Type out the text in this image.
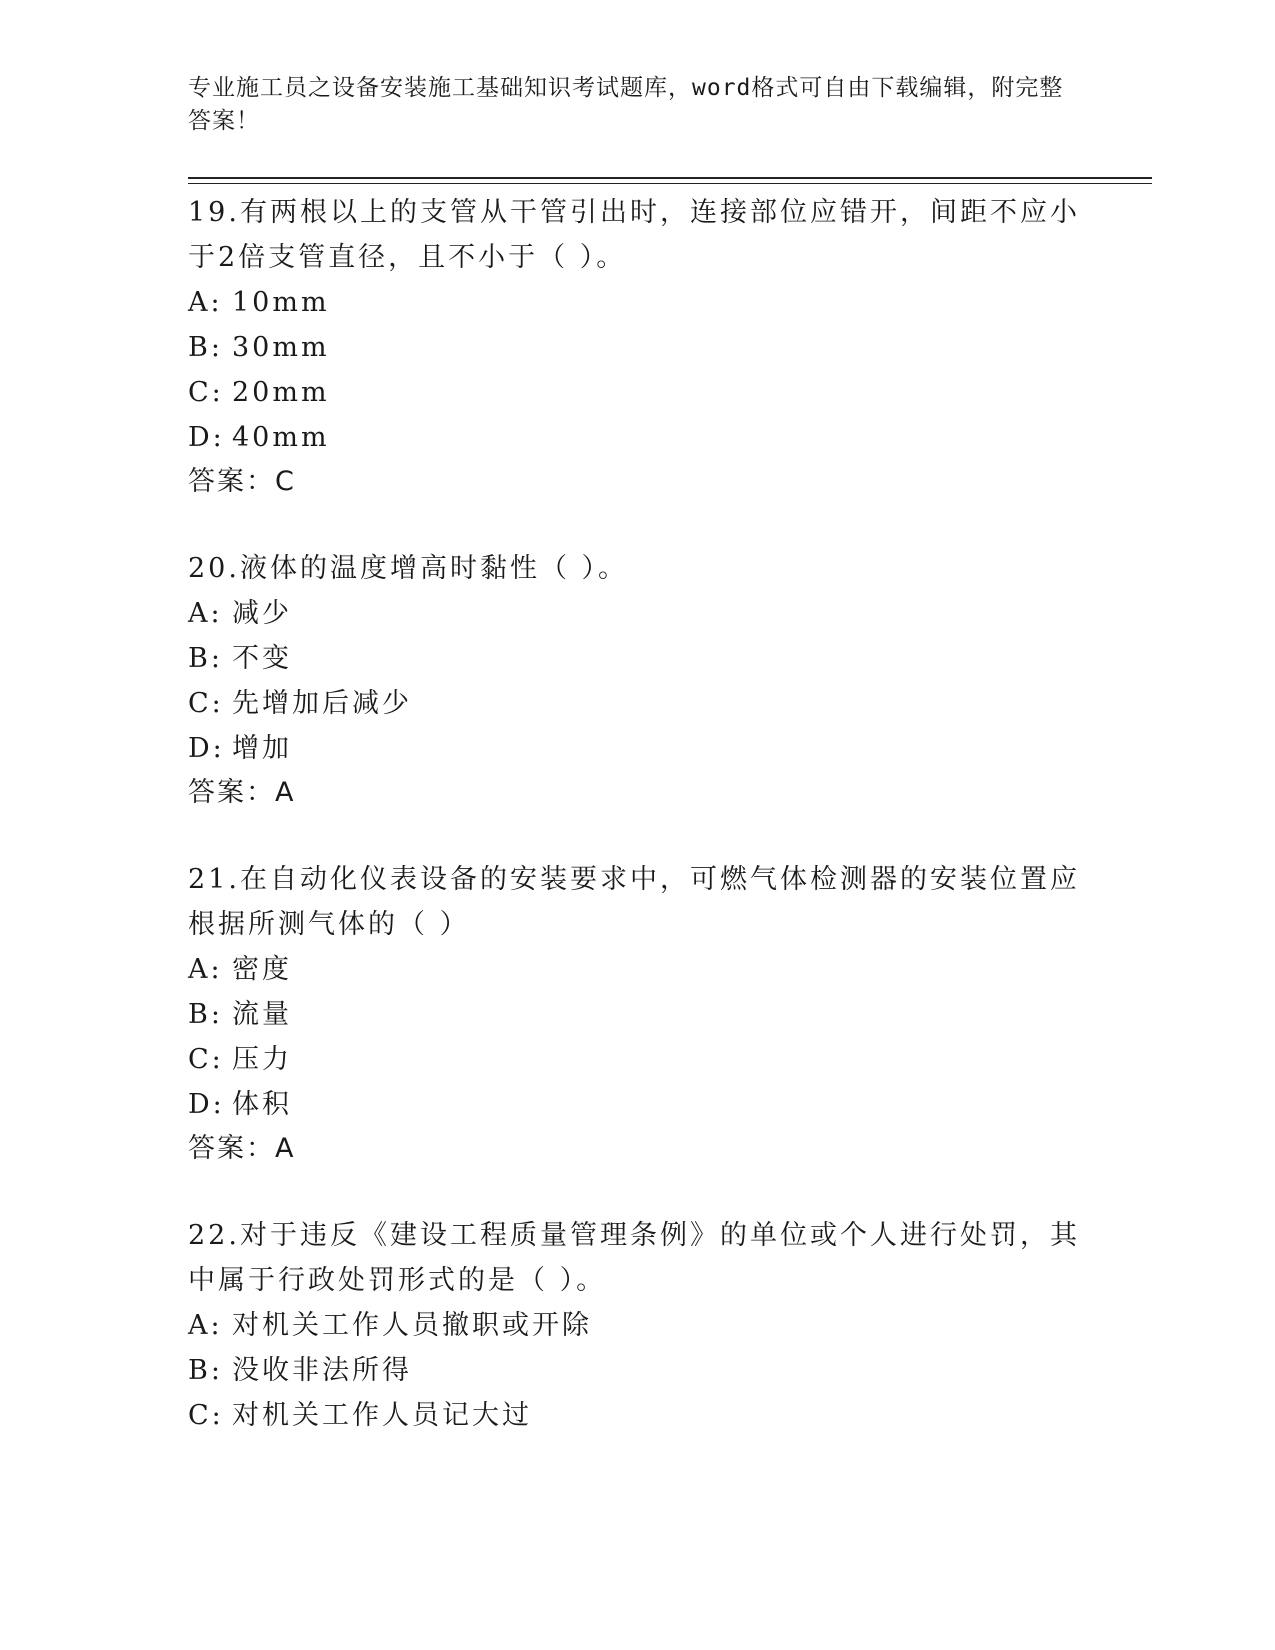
专业施工员之设备安装施工基础知识考试题库，word格式可自由下载编辑，附完整答案！

19.有两根以上的支管从干管引出时，连接部位应错开，间距不应小于2倍支管直径，且不小于（ ）。

A: 10mm
B: 30mm
C: 20mm
D: 40mm
答案：C

20.液体的温度增高时黏性（ ）。

A: 减少
B: 不变
C: 先增加后减少
D: 增加
答案：A

21.在自动化仪表设备的安装要求中，可燃气体检测器的安装位置应根据所测气体的（ ）

A: 密度
B: 流量
C: 压力
D: 体积
答案：A

22.对于违反《建设工程质量管理条例》的单位或个人进行处罚，其中属于行政处罚形式的是（ ）。

A: 对机关工作人员撤职或开除
B: 没收非法所得
C: 对机关工作人员记大过
